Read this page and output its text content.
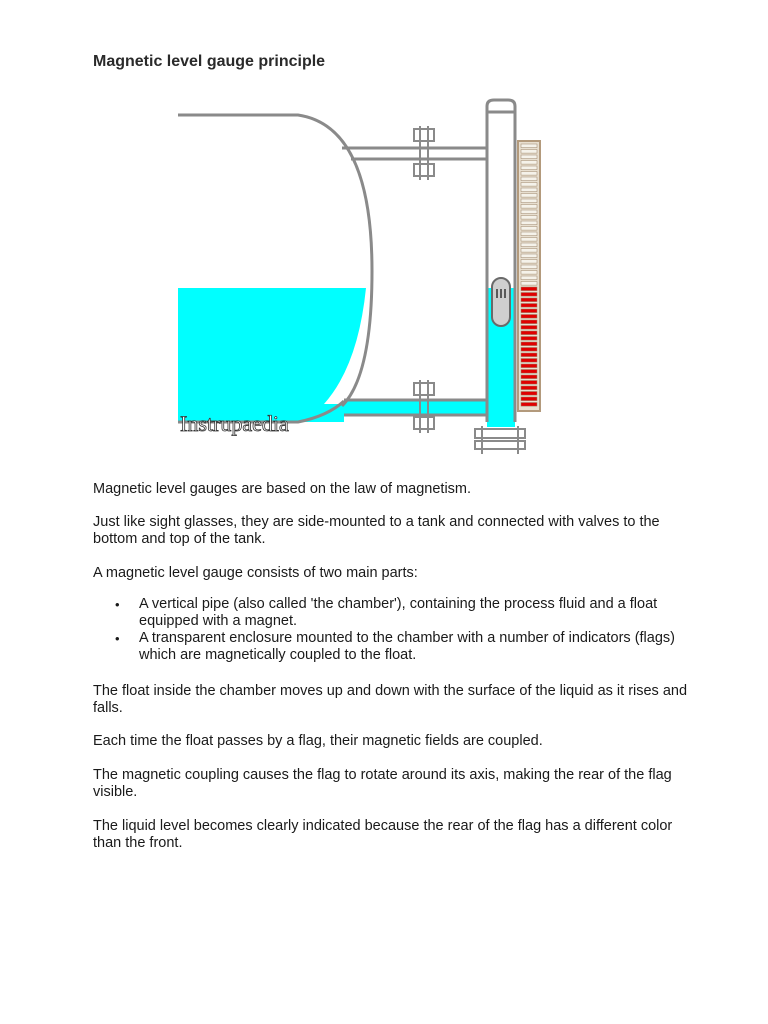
Magnetic level gauge principle
Instrupaedia

Magnetic level gauges are based on the law of magnetism.

Just like sight glasses, they are side-mounted to a tank and connected with valves to the bottom and top of the tank.

A magnetic level gauge consists of two main parts:

• A vertical pipe (also called 'the chamber'), containing the process fluid and a float equipped with a magnet.
• A transparent enclosure mounted to the chamber with a number of indicators (flags) which are magnetically coupled to the float.

The float inside the chamber moves up and down with the surface of the liquid as it rises and falls.

Each time the float passes by a flag, their magnetic fields are coupled.

The magnetic coupling causes the flag to rotate around its axis, making the rear of the flag visible.

The liquid level becomes clearly indicated because the rear of the flag has a different color than the front.
